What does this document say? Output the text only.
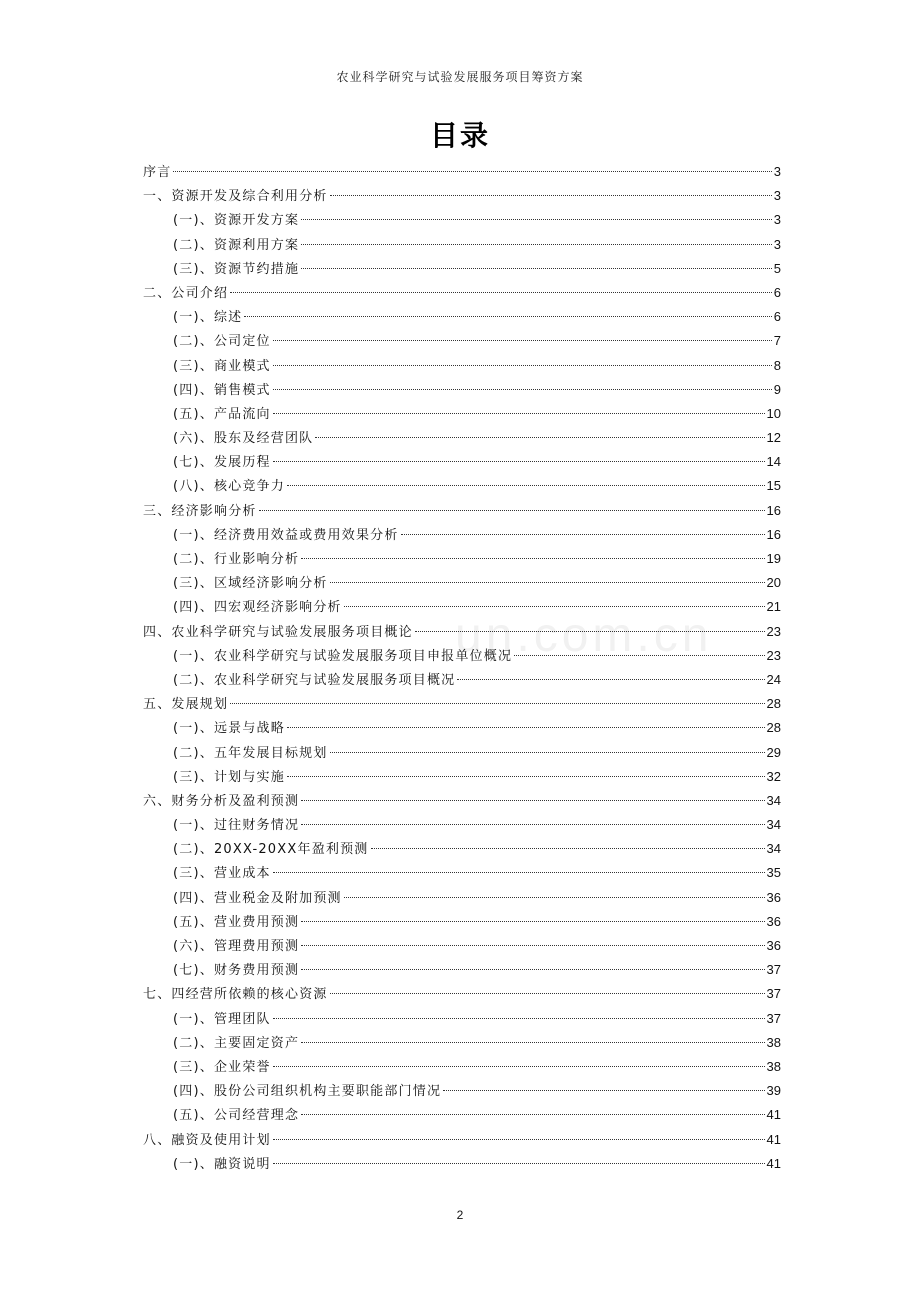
农业科学研究与试验发展服务项目筹资方案
目录
un.com.cn
序言	3
一、资源开发及综合利用分析	3
(一)、资源开发方案	3
(二)、资源利用方案	3
(三)、资源节约措施	5
二、公司介绍	6
(一)、综述	6
(二)、公司定位	7
(三)、商业模式	8
(四)、销售模式	9
(五)、产品流向	10
(六)、股东及经营团队	12
(七)、发展历程	14
(八)、核心竞争力	15
三、经济影响分析	16
(一)、经济费用效益或费用效果分析	16
(二)、行业影响分析	19
(三)、区域经济影响分析	20
(四)、四宏观经济影响分析	21
四、农业科学研究与试验发展服务项目概论	23
(一)、农业科学研究与试验发展服务项目申报单位概况	23
(二)、农业科学研究与试验发展服务项目概况	24
五、发展规划	28
(一)、远景与战略	28
(二)、五年发展目标规划	29
(三)、计划与实施	32
六、财务分析及盈利预测	34
(一)、过往财务情况	34
(二)、20XX-20XX年盈利预测	34
(三)、营业成本	35
(四)、营业税金及附加预测	36
(五)、营业费用预测	36
(六)、管理费用预测	36
(七)、财务费用预测	37
七、四经营所依赖的核心资源	37
(一)、管理团队	37
(二)、主要固定资产	38
(三)、企业荣誉	38
(四)、股份公司组织机构主要职能部门情况	39
(五)、公司经营理念	41
八、融资及使用计划	41
(一)、融资说明	41
2
